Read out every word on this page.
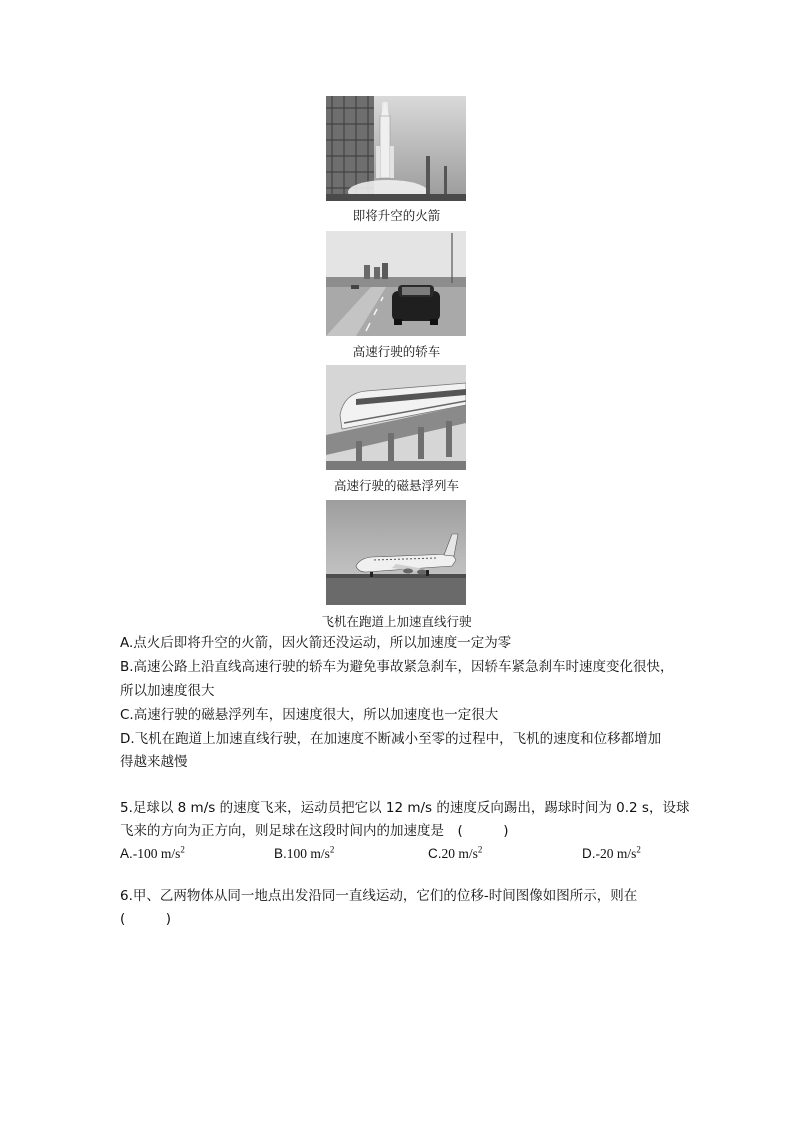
即将升空的火箭
高速行驶的轿车
高速行驶的磁悬浮列车
飞机在跑道上加速直线行驶
A.点火后即将升空的火箭，因火箭还没运动，所以加速度一定为零
B.高速公路上沿直线高速行驶的轿车为避免事故紧急刹车，因轿车紧急刹车时速度变化很快，
所以加速度很大
C.高速行驶的磁悬浮列车，因速度很大，所以加速度也一定很大
D.飞机在跑道上加速直线行驶，在加速度不断减小至零的过程中，飞机的速度和位移都增加
得越来越慢
5.足球以 8 m/s 的速度飞来，运动员把它以 12 m/s 的速度反向踢出，踢球时间为 0.2 s，设球
飞来的方向为正方向，则足球在这段时间内的加速度是　(　　　)
A.-100 $m/s^2$	B.100 $m/s^2$	C.20 $m/s^2$	D.-20 $m/s^2$
6.甲、乙两物体从同一地点出发沿同一直线运动，它们的位移-时间图像如图所示，则在
(　　　)
